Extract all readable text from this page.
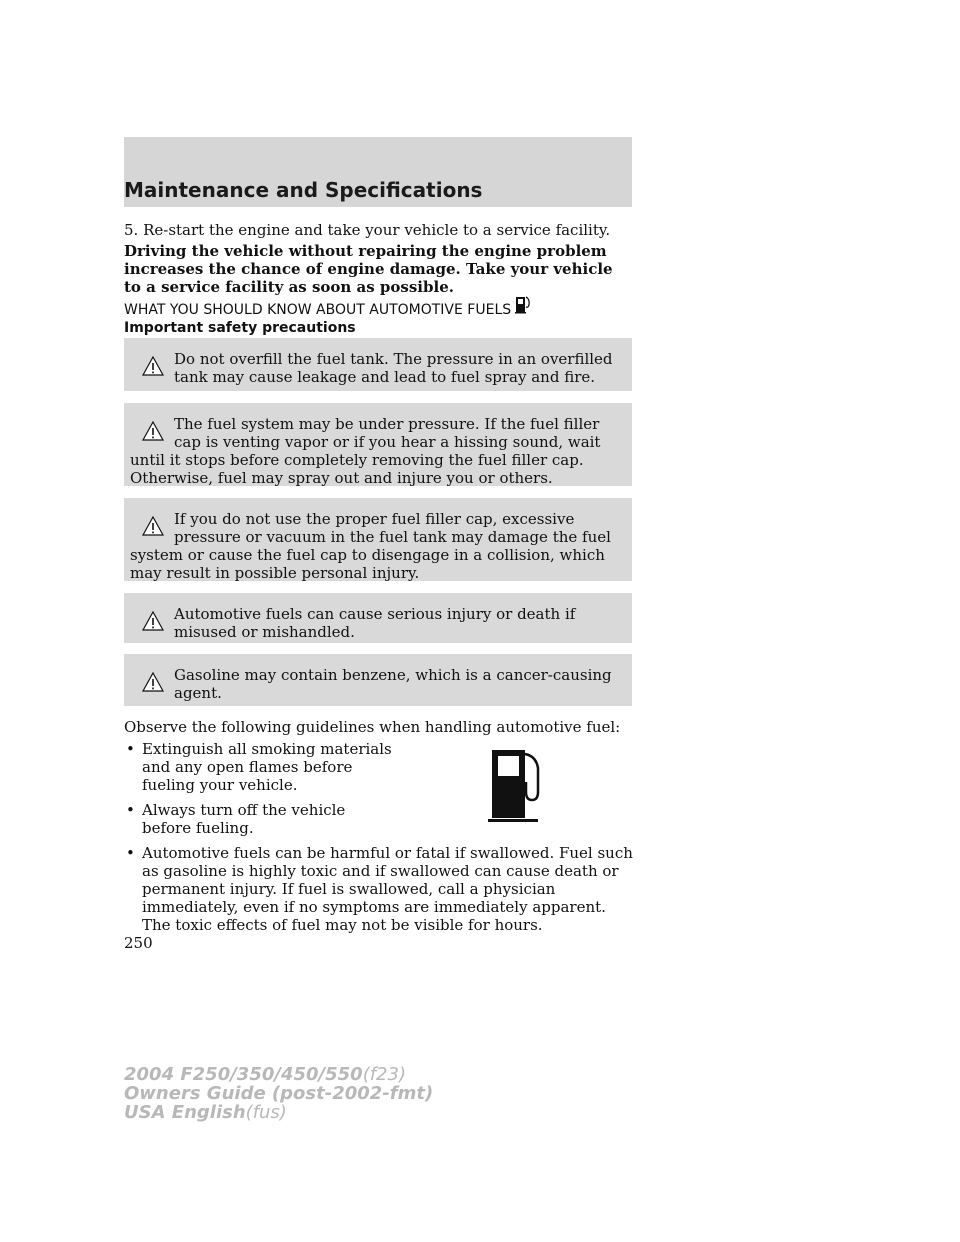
Maintenance and Specifications
5. Re-start the engine and take your vehicle to a service facility.
Driving the vehicle without repairing the engine problem increases the chance of engine damage. Take your vehicle to a service facility as soon as possible.
WHAT YOU SHOULD KNOW ABOUT AUTOMOTIVE FUELS
Important safety precautions
Do not overfill the fuel tank. The pressure in an overfilled tank may cause leakage and lead to fuel spray and fire.
The fuel system may be under pressure. If the fuel filler cap is venting vapor or if you hear a hissing sound, wait until it stops before completely removing the fuel filler cap. Otherwise, fuel may spray out and injure you or others.
If you do not use the proper fuel filler cap, excessive pressure or vacuum in the fuel tank may damage the fuel system or cause the fuel cap to disengage in a collision, which may result in possible personal injury.
Automotive fuels can cause serious injury or death if misused or mishandled.
Gasoline may contain benzene, which is a cancer-causing agent.
Observe the following guidelines when handling automotive fuel:
• Extinguish all smoking materials and any open flames before fueling your vehicle.
• Always turn off the vehicle before fueling.
• Automotive fuels can be harmful or fatal if swallowed. Fuel such as gasoline is highly toxic and if swallowed can cause death or permanent injury. If fuel is swallowed, call a physician immediately, even if no symptoms are immediately apparent. The toxic effects of fuel may not be visible for hours.
250
2004 F250/350/450/550(f23)
Owners Guide (post-2002-fmt)
USA English(fus)
